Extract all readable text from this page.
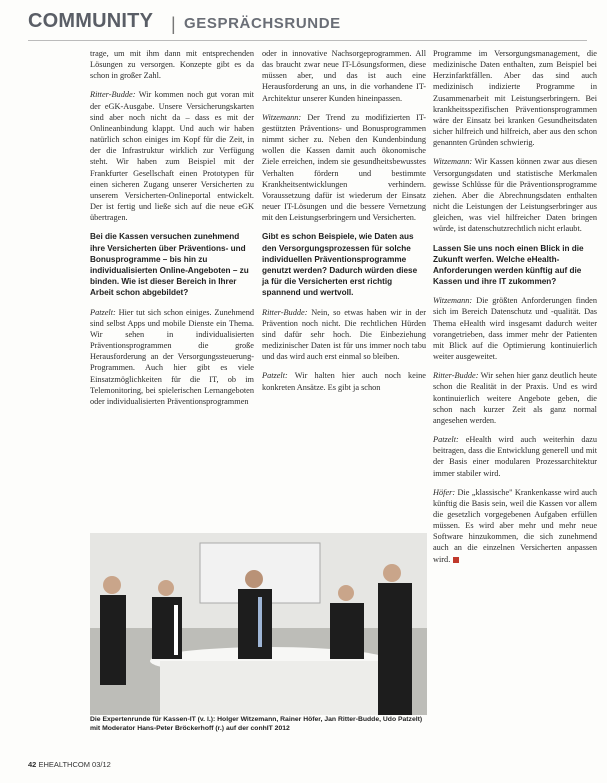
COMMUNITY | GESPRÄCHSRUNDE

trage, um mit ihm dann mit entsprechenden Lösungen zu versorgen. Konzepte gibt es da schon in großer Zahl.

Ritter-Budde: Wir kommen noch gut voran mit der eGK-Ausgabe. Unsere Versicherungskarten sind aber noch nicht da – dass es mit der Onlineanbindung klappt. Und auch wir haben natürlich schon einiges im Kopf für die Zeit, in der die Infrastruktur wirklich zur Verfügung steht. Wir haben zum Beispiel mit der Frankfurter Gesellschaft einen Prototypen für einen sicheren Zugang unserer Versicherten zu unserem Versicherten-Onlineportal entwickelt. Der ist fertig und ließe sich auf die neue eGK übertragen.

Bei die Kassen versuchen zunehmend ihre Versicherten über Präventions- und Bonusprogramme – bis hin zu individualisierten Online-Angeboten – zu binden. Wie ist dieser Bereich in Ihrer Arbeit schon abgebildet?

Patzelt: Hier tut sich schon einiges. Zunehmend sind selbst Apps und mobile Dienste ein Thema. Wir sehen in individualisierten Präventionsprogrammen die große Herausforderung an der Versorgungssteuerung-Programmen. Auch hier gibt es viele Einsatzmöglichkeiten für die IT, ob im Telemonitoring, bei spielerischen Lernangeboten oder individualisierten Präventionsprogrammen

oder in innovative Nachsorgeprogrammen. All das braucht zwar neue IT-Lösungsformen, diese müssen aber, und das ist auch eine Herausforderung an uns, in die vorhandene IT-Architektur unserer Kunden hineinpassen.

Witzemann: Der Trend zu modifizierten IT-gestützten Präventions- und Bonusprogrammen nimmt sicher zu. Neben den Kundenbindung wollen die Kassen damit auch ökonomische Ziele erreichen, indem sie gesundheitsbewusstes Verhalten fördern und bestimmte Krankheitsentwicklungen verhindern. Voraussetzung dafür ist wiederum der Einsatz neuer IT-Lösungen und die bessere Vernetzung mit den Leistungserbringern und Versicherten.

Gibt es schon Beispiele, wie Daten aus den Versorgungsprozessen für solche individuellen Präventionsprogramme genutzt werden? Dadurch würden diese ja für die Versicherten erst richtig spannend und wertvoll.

Ritter-Budde: Nein, so etwas haben wir in der Prävention noch nicht. Die rechtlichen Hürden sind dafür sehr hoch. Die Einbeziehung medizinischer Daten ist für uns immer noch tabu und das wird auch erst einmal so bleiben.

Patzelt: Wir halten hier auch noch keine konkreten Ansätze. Es gibt ja schon

Programme im Versorgungsmanagement, die medizinische Daten enthalten, zum Beispiel bei Herzinfarktfällen. Aber das sind auch medizinisch indizierte Programme in Zusammenarbeit mit Leistungserbringern. Bei krankheitsspezifischen Präventionsprogrammen wäre der Einsatz bei kranken Gesundheitsdaten sicher hilfreich und hilfreich, aber aus den schon genannten Gründen schwierig.

Witzemann: Wir Kassen können zwar aus diesen Versorgungsdaten und statistische Merkmalen gewisse Schlüsse für die Präventionsprogramme ziehen. Aber die Abrechnungsdaten enthalten nicht die Leistungen der Leistungserbringer aus gleichen, was viel hilfreicher Daten bringen würde, ist datenschutzrechtlich nicht erlaubt.

Lassen Sie uns noch einen Blick in die Zukunft werfen. Welche eHealth-Anforderungen werden künftig auf die Kassen und ihre IT zukommen?

Witzemann: Die größten Anforderungen finden sich im Bereich Datenschutz und -qualität. Das Thema eHealth wird insgesamt dadurch weiter vorangetrieben, dass immer mehr der Patienten mit Blick auf die Optimierung kontinuierlich weiter ausgeweitet.

Ritter-Budde: Wir sehen hier ganz deutlich heute schon die Realität in der Praxis. Und es wird kontinuierlich weitere Angebote geben, die schon nach kurzer Zeit als ganz normal angesehen werden.

Patzelt: eHealth wird auch weiterhin dazu beitragen, dass die Entwicklung generell und mit der Basis einer modularen Prozessarchitektur immer stabiler wird.

Höfer: Die „klassische" Krankenkasse wird auch künftig die Basis sein, weil die Kassen vor allem die gesetzlich vorgegebenen Aufgaben erfüllen müssen. Es wird aber mehr und mehr neue Software hinzukommen, die sich zunehmend auch an die einzelnen Versicherten anpassen wird.

Die Expertenrunde für Kassen-IT (v. l.): Holger Witzemann, Rainer Höfer, Jan Ritter-Budde, Udo Patzelt) mit Moderator Hans-Peter Bröckerhoff (r.) auf der conhIT 2012
42 EHEALTHCOM 03/12
